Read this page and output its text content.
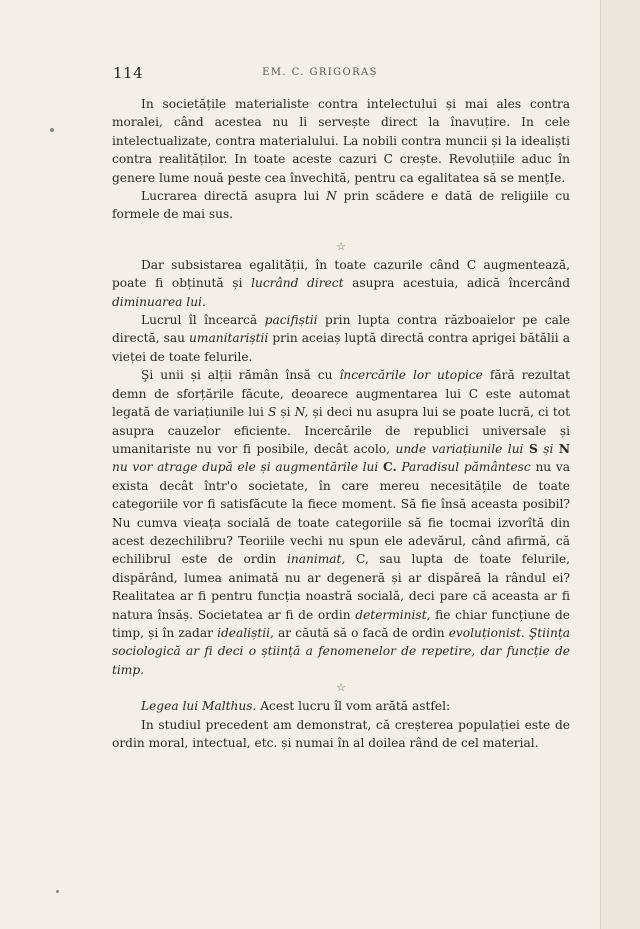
114	EM. C. GRIGORAȘ

In societățile materialiste contra intelectului și mai ales contra moralei, când acestea nu li servește direct la înavuțire. In cele intelectualizate, contra materialului. La nobili contra muncii și la idealiști contra realităților. In toate aceste cazuri C crește. Revoluțiile aduc în genere lume nouă peste cea învechită, pentru ca egalitatea să se mențIe.

Lucrarea directă asupra lui N prin scădere e dată de religiile cu formele de mai sus.

☆

Dar subsistarea egalității, în toate cazurile când C augmentează, poate fi obținută și lucrând direct asupra acestuia, adică încercând diminuarea lui.

Lucrul îl încearcă pacifiștii prin lupta contra războaielor pe cale directă, sau umanitariștii prin aceiaș luptă directă contra aprigei bătălii a vieței de toate felurile.

Şi unii și alții rămân însă cu încercările lor utopice fără rezultat demn de sforțările făcute, deoarece augmentarea lui C este automat legată de variațiunile lui S și N, și deci nu asupra lui se poate lucră, ci tot asupra cauzelor eficiente. Incercările de republici universale și umanitariste nu vor fi posibile, decât acolo, unde variațiunile lui S și N nu vor atrage după ele și augmentările lui C. Paradisul pământesc nu va exista decât într'o societate, în care mereu necesitățile de toate categoriile vor fi satisfăcute la fiece moment. Să fie însă aceasta posibil? Nu cumva vieața socială de toate categoriile să fie tocmai izvorîtă din acest dezechilibru? Teoriile vechi nu spun ele adevărul, când afirmă, că echilibrul este de ordin inanimat, C, sau lupta de toate felurile, dispărând, lumea animată nu ar degeneră și ar dispăreă la rândul ei? Realitatea ar fi pentru funcția noastră socială, deci pare că aceasta ar fi natura însăș. Societatea ar fi de ordin determinist, fie chiar funcțiune de timp, și în zadar idealiștii, ar căută să o facă de ordin evoluționist. Ştiința sociologică ar fi deci o știință a fenomenelor de repetire, dar funcție de timp.

☆

Legea lui Malthus. Acest lucru îl vom arătă astfel:

In studiul precedent am demonstrat, că creșterea populației este de ordin moral, intectual, etc. și numai în al doilea rând de cel material.
